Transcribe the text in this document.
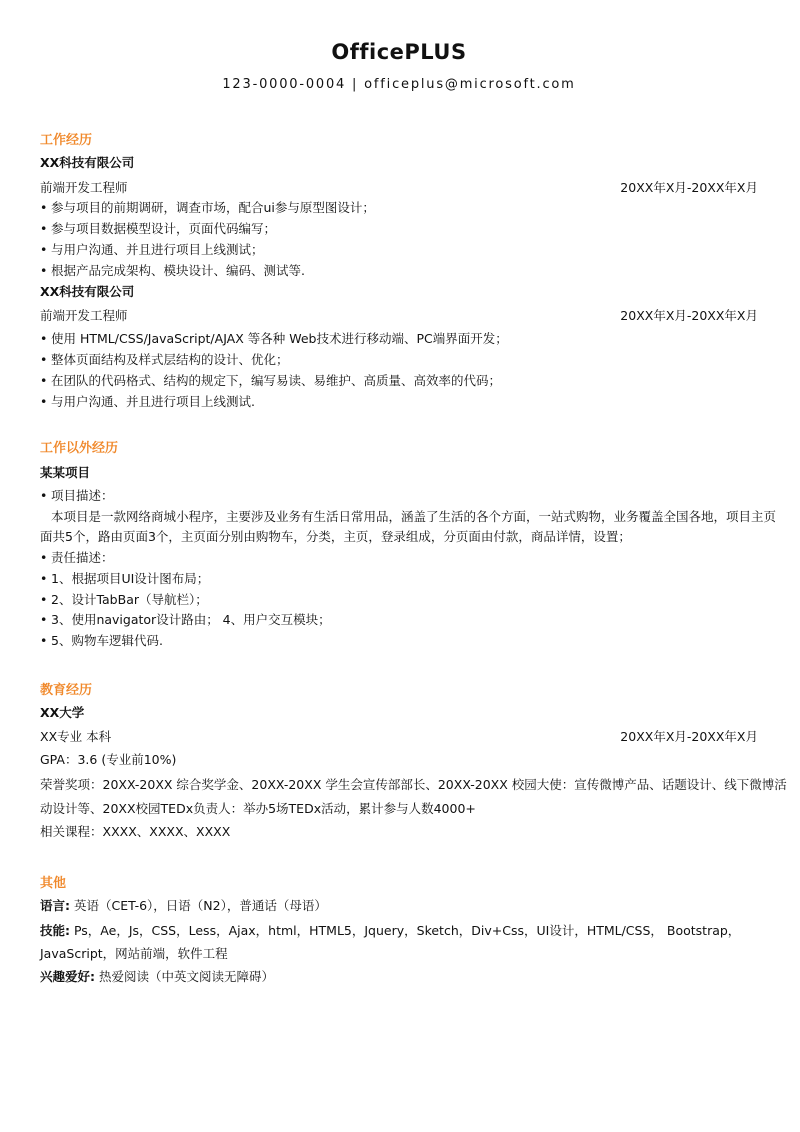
OfficePLUS
123-0000-0004 | officeplus@microsoft.com
工作经历
XX科技有限公司
前端开发工程师	20XX年X月-20XX年X月
• 参与项目的前期调研，调查市场，配合ui参与原型图设计；
• 参与项目数据模型设计，页面代码编写；
• 与用户沟通、并且进行项目上线测试；
• 根据产品完成架构、模块设计、编码、测试等.
XX科技有限公司
前端开发工程师	20XX年X月-20XX年X月
• 使用 HTML/CSS/JavaScript/AJAX 等各种 Web技术进行移动端、PC端界面开发；
• 整体页面结构及样式层结构的设计、优化；
• 在团队的代码格式、结构的规定下，编写易读、易维护、高质量、高效率的代码；
• 与用户沟通、并且进行项目上线测试.
工作以外经历
某某项目
• 项目描述：
本项目是一款网络商城小程序，主要涉及业务有生活日常用品，涵盖了生活的各个方面，一站式购物，业务覆盖全国各地，项目主页
面共5个，路由页面3个，主页面分别由购物车，分类，主页，登录组成，分页面由付款，商品详情，设置；
• 责任描述：
• 1、根据项目UI设计图布局；
• 2、设计TabBar（导航栏）；
• 3、使用navigator设计路由； 4、用户交互模块；
• 5、购物车逻辑代码.
教育经历
XX大学
XX专业 本科	20XX年X月-20XX年X月
GPA：3.6 (专业前10%)
荣誉奖项：20XX-20XX 综合奖学金、20XX-20XX 学生会宣传部部长、20XX-20XX 校园大使：宣传微博产品、话题设计、线下微博活
动设计等、20XX校园TEDx负责人：举办5场TEDx活动，累计参与人数4000+
相关课程：XXXX、XXXX、XXXX
其他
语言: 英语（CET-6），日语（N2），普通话（母语）
技能: Ps，Ae，Js，CSS，Less，Ajax，html，HTML5，Jquery，Sketch，Div+Css，UI设计，HTML/CSS， Bootstrap，
JavaScript，网站前端，软件工程
兴趣爱好: 热爱阅读（中英文阅读无障碍）
